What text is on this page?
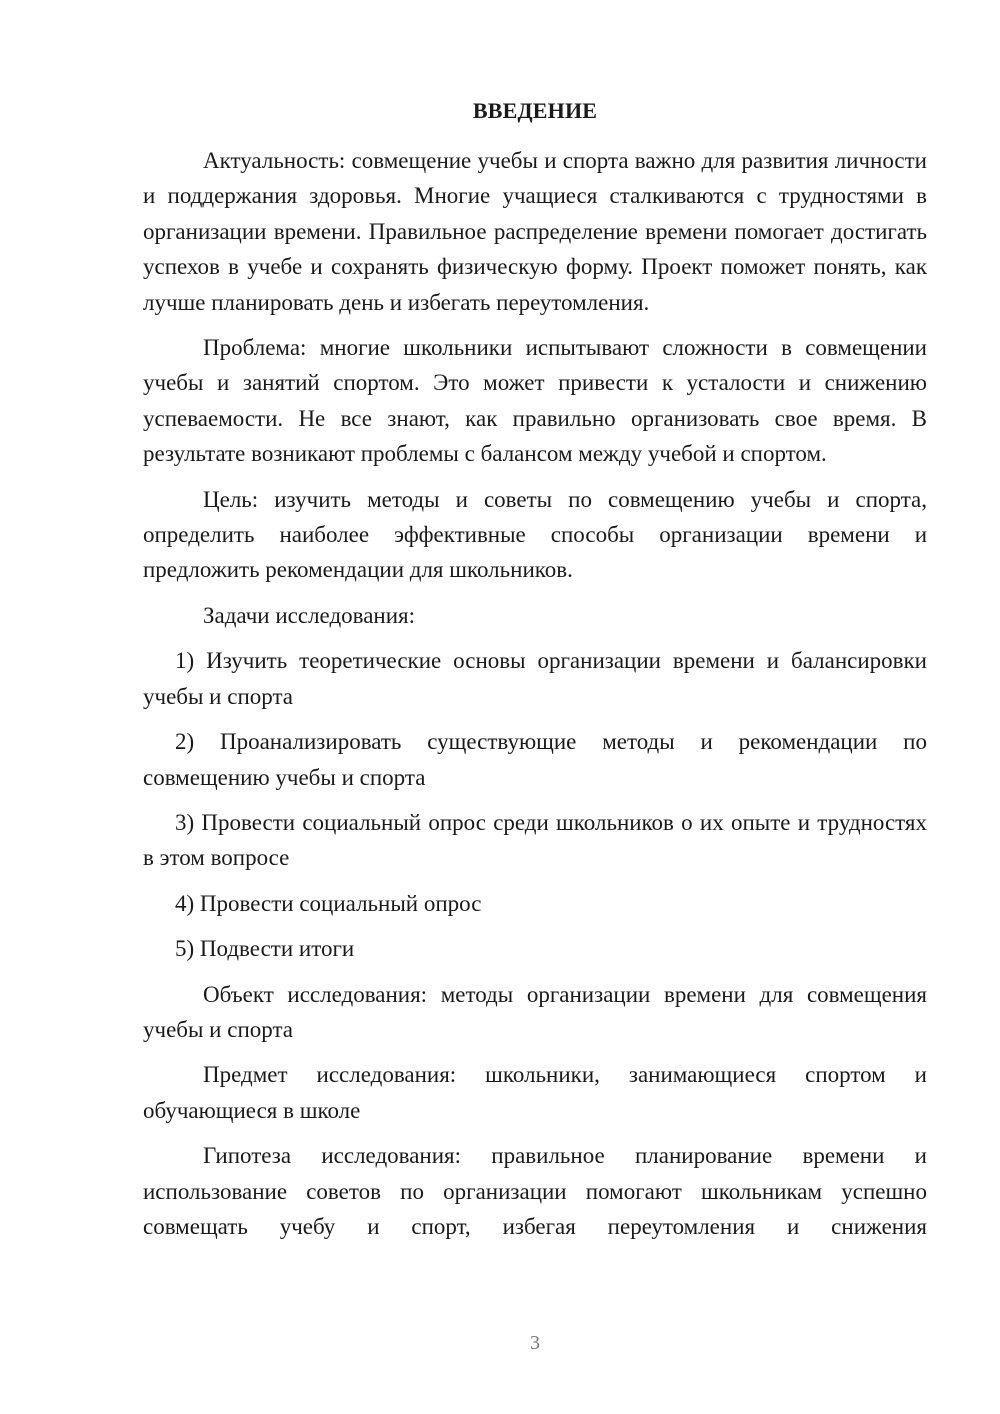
ВВЕДЕНИЕ

Актуальность: совмещение учебы и спорта важно для развития личности и поддержания здоровья. Многие учащиеся сталкиваются с трудностями в организации времени. Правильное распределение времени помогает достигать успехов в учебе и сохранять физическую форму. Проект поможет понять, как лучше планировать день и избегать переутомления.

Проблема: многие школьники испытывают сложности в совмещении учебы и занятий спортом. Это может привести к усталости и снижению успеваемости. Не все знают, как правильно организовать свое время. В результате возникают проблемы с балансом между учебой и спортом.

Цель: изучить методы и советы по совмещению учебы и спорта, определить наиболее эффективные способы организации времени и предложить рекомендации для школьников.

Задачи исследования:

1) Изучить теоретические основы организации времени и балансировки учебы и спорта

2) Проанализировать существующие методы и рекомендации по совмещению учебы и спорта

3) Провести социальный опрос среди школьников о их опыте и трудностях в этом вопросе

4) Провести социальный опрос

5) Подвести итоги

Объект исследования: методы организации времени для совмещения учебы и спорта

Предмет исследования: школьники, занимающиеся спортом и обучающиеся в школе

Гипотеза исследования: правильное планирование времени и использование советов по организации помогают школьникам успешно совмещать учебу и спорт, избегая переутомления и снижения

3
